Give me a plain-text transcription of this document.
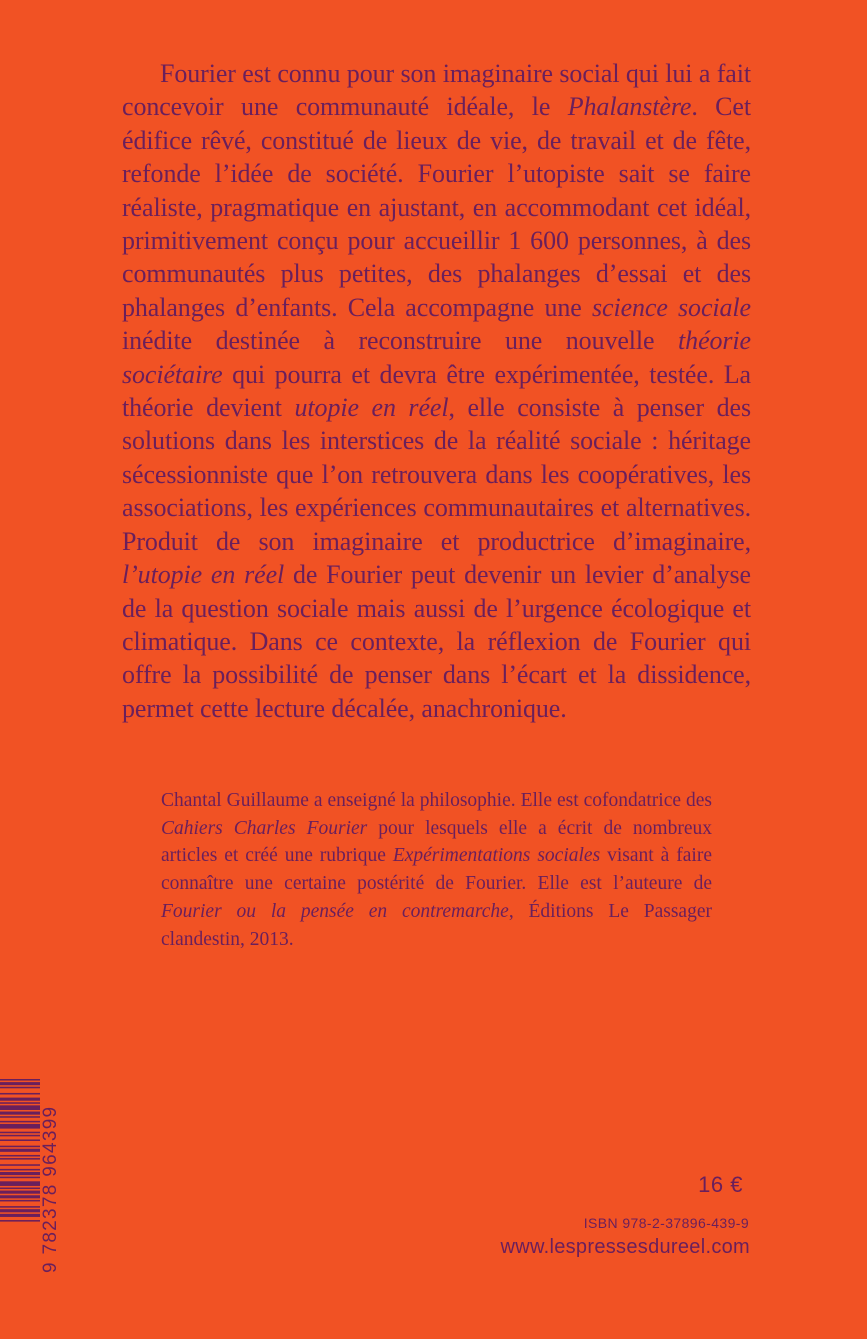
Fourier est connu pour son imaginaire social qui lui a fait concevoir une communauté idéale, le Phalanstère. Cet édifice rêvé, constitué de lieux de vie, de travail et de fête, refonde l’idée de société. Fourier l’utopiste sait se faire réaliste, pragmatique en ajustant, en accommodant cet idéal, primitivement conçu pour accueillir 1 600 personnes, à des communautés plus petites, des phalanges d’essai et des phalanges d’enfants. Cela accompagne une science sociale inédite destinée à reconstruire une nouvelle théorie sociétaire qui pourra et devra être expérimentée, testée. La théorie devient utopie en réel, elle consiste à penser des solutions dans les interstices de la réalité sociale : héritage sécessionniste que l’on retrouvera dans les coopératives, les associations, les expériences communautaires et alternatives. Produit de son imaginaire et productrice d’imaginaire, l’utopie en réel de Fourier peut devenir un levier d’analyse de la question sociale mais aussi de l’urgence écologique et climatique. Dans ce contexte, la réflexion de Fourier qui offre la possibilité de penser dans l’écart et la dissidence, permet cette lecture décalée, anachronique.

Chantal Guillaume a enseigné la philosophie. Elle est cofondatrice des Cahiers Charles Fourier pour lesquels elle a écrit de nombreux articles et créé une rubrique Expérimentations sociales visant à faire connaître une certaine postérité de Fourier. Elle est l’auteure de Fourier ou la pensée en contremarche, Éditions Le Passager clandestin, 2013.

9 782378 964399	16 €
ISBN 978-2-37896-439-9
www.lespressesdureel.com
